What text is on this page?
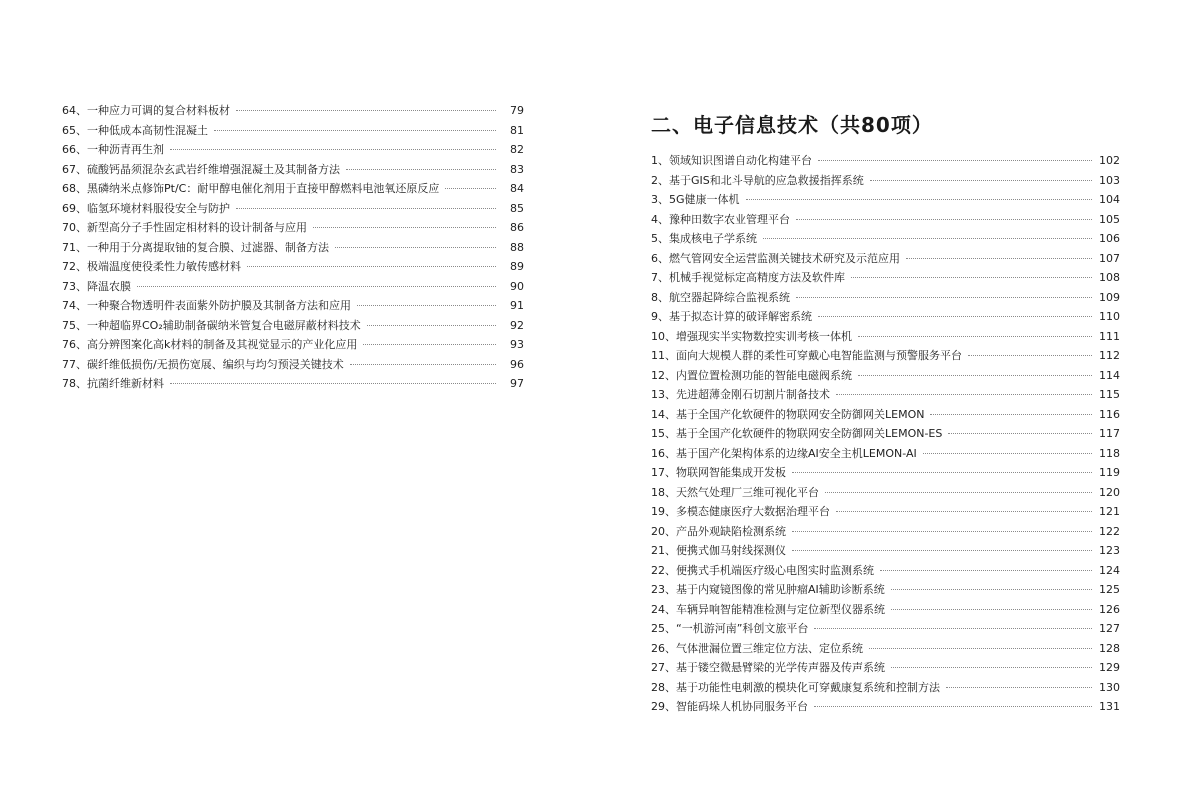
64、一种应力可调的复合材料板材	79
65、一种低成本高韧性混凝土	81
66、一种沥青再生剂	82
67、硫酸钙晶须混杂玄武岩纤维增强混凝土及其制备方法	83
68、黑磷纳米点修饰Pt/C：耐甲醇电催化剂用于直接甲醇燃料电池氧还原反应	84
69、临氢环境材料服役安全与防护	85
70、新型高分子手性固定相材料的设计制备与应用	86
71、一种用于分离提取铀的复合膜、过滤器、制备方法	88
72、极端温度使役柔性力敏传感材料	89
73、降温农膜	90
74、一种聚合物透明件表面紫外防护膜及其制备方法和应用	91
75、一种超临界CO₂辅助制备碳纳米管复合电磁屏蔽材料技术	92
76、高分辨图案化高k材料的制备及其视觉显示的产业化应用	93
77、碳纤维低损伤/无损伤宽展、编织与均匀预浸关键技术	96
78、抗菌纤维新材料	97
二、电子信息技术（共80项）
1、领域知识图谱自动化构建平台	102
2、基于GIS和北斗导航的应急救援指挥系统	103
3、5G健康一体机	104
4、豫种田数字农业管理平台	105
5、集成核电子学系统	106
6、燃气管网安全运营监测关键技术研究及示范应用	107
7、机械手视觉标定高精度方法及软件库	108
8、航空器起降综合监视系统	109
9、基于拟态计算的破译解密系统	110
10、增强现实半实物数控实训考核一体机	111
11、面向大规模人群的柔性可穿戴心电智能监测与预警服务平台	112
12、内置位置检测功能的智能电磁阀系统	114
13、先进超薄金刚石切割片制备技术	115
14、基于全国产化软硬件的物联网安全防御网关LEMON	116
15、基于全国产化软硬件的物联网安全防御网关LEMON-ES	117
16、基于国产化架构体系的边缘AI安全主机LEMON-AI	118
17、物联网智能集成开发板	119
18、天然气处理厂三维可视化平台	120
19、多模态健康医疗大数据治理平台	121
20、产品外观缺陷检测系统	122
21、便携式伽马射线探测仪	123
22、便携式手机端医疗级心电图实时监测系统	124
23、基于内窥镜图像的常见肿瘤AI辅助诊断系统	125
24、车辆异响智能精准检测与定位新型仪器系统	126
25、“一机游河南”科创文旅平台	127
26、气体泄漏位置三维定位方法、定位系统	128
27、基于镂空微悬臂梁的光学传声器及传声系统	129
28、基于功能性电刺激的模块化可穿戴康复系统和控制方法	130
29、智能码垛人机协同服务平台	131
